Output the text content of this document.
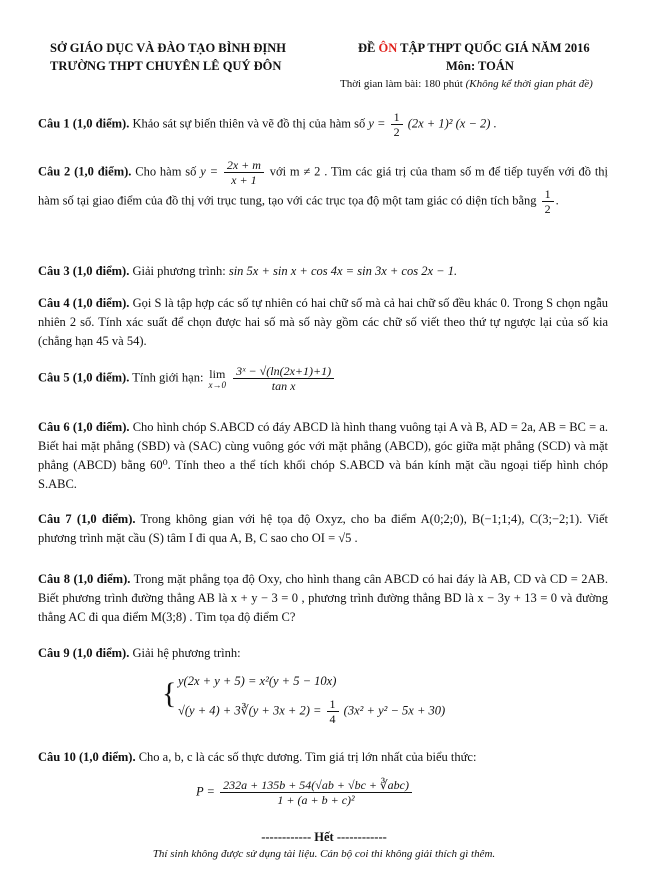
SỞ GIÁO DỤC VÀ ĐÀO TẠO BÌNH ĐỊNH
TRƯỜNG THPT CHUYÊN LÊ QUÝ ĐÔN
ĐỀ ÔN TẬP THPT QUỐC GIÁ NĂM 2016
Môn: TOÁN
Thời gian làm bài: 180 phút (Không kể thời gian phát đề)
Câu 1 (1,0 điểm). Khảo sát sự biến thiên và vẽ đồ thị của hàm số $y = \frac{1}{2} (2x + 1)^2$ (x − 2) .
Câu 2 (1,0 điểm). Cho hàm số $y = \frac{2x + m}{x + 1}$ với m ≠ 2 . Tìm các giá trị của tham số m để tiếp tuyến với đồ thị hàm số tại giao điểm của đồ thị với trục tung, tạo với các trục tọa độ một tam giác có diện tích bằng $\frac{1}{2}$ .
Câu 3 (1,0 điểm). Giải phương trình: sin 5x + sin x + cos 4x = sin 3x + cos 2x − 1.
Câu 4 (1,0 điểm). Gọi S là tập hợp các số tự nhiên có hai chữ số mà cả hai chữ số đều khác 0. Trong S chọn ngẫu nhiên 2 số. Tính xác suất để chọn được hai số mà số này gồm các chữ số viết theo thứ tự ngược lại của số kia (chẳng hạn 45 và 54).
Câu 5 (1,0 điểm). Tính giới hạn: lim
x→0
$\frac{\text{3ˣ − √(ln(2x+1)+1)}}{\text{tan x}}$
Câu 6 (1,0 điểm). Cho hình chóp S.ABCD có đáy ABCD là hình thang vuông tại A và B, AD = 2a, AB = BC = a. Biết hai mặt phẳng (SBD) và (SAC) cùng vuông góc với mặt phẳng (ABCD), góc giữa mặt phẳng (SCD) và mặt phẳng (ABCD) bằng 60⁰. Tính theo a thể tích khối chóp S.ABCD và bán kính mặt cầu ngoại tiếp hình chóp S.ABC.
Câu 7 (1,0 điểm). Trong không gian với hệ tọa độ Oxyz, cho ba điểm A(0;2;0), B(−1;1;4), C(3;−2;1). Viết phương trình mặt cầu (S) tâm I đi qua A, B, C sao cho OI = √5 .
Câu 8 (1,0 điểm). Trong mặt phẳng tọa độ Oxy, cho hình thang cân ABCD có hai đáy là AB, CD và CD = 2AB. Biết phương trình đường thẳng AB là x + y − 3 = 0 , phương trình đường thẳng BD là x − 3y + 13 = 0 và đường thẳng AC đi qua điểm M(3;8) . Tìm tọa độ điểm C?
Câu 9 (1,0 điểm). Giải hệ phương trình:
{ y(2x + y + 5) = x²(y + 5 − 10x)
√(y + 4) + 3∛(y + $3x + 2) = \frac{1}{4} (3x^2 + y^2 - 5x + 30)$
Câu 10 (1,0 điểm). Cho a, b, c là các số thực dương. Tìm giá trị lớn nhất của biểu thức:
$P = \frac{\text{232a + 135b + 54(√ab + √bc + ∛abc)}}{\text{1 + (a + b + c)²}}$
------------ Hết ------------
Thí sinh không được sử dụng tài liệu. Cán bộ coi thi không giải thích gì thêm.
